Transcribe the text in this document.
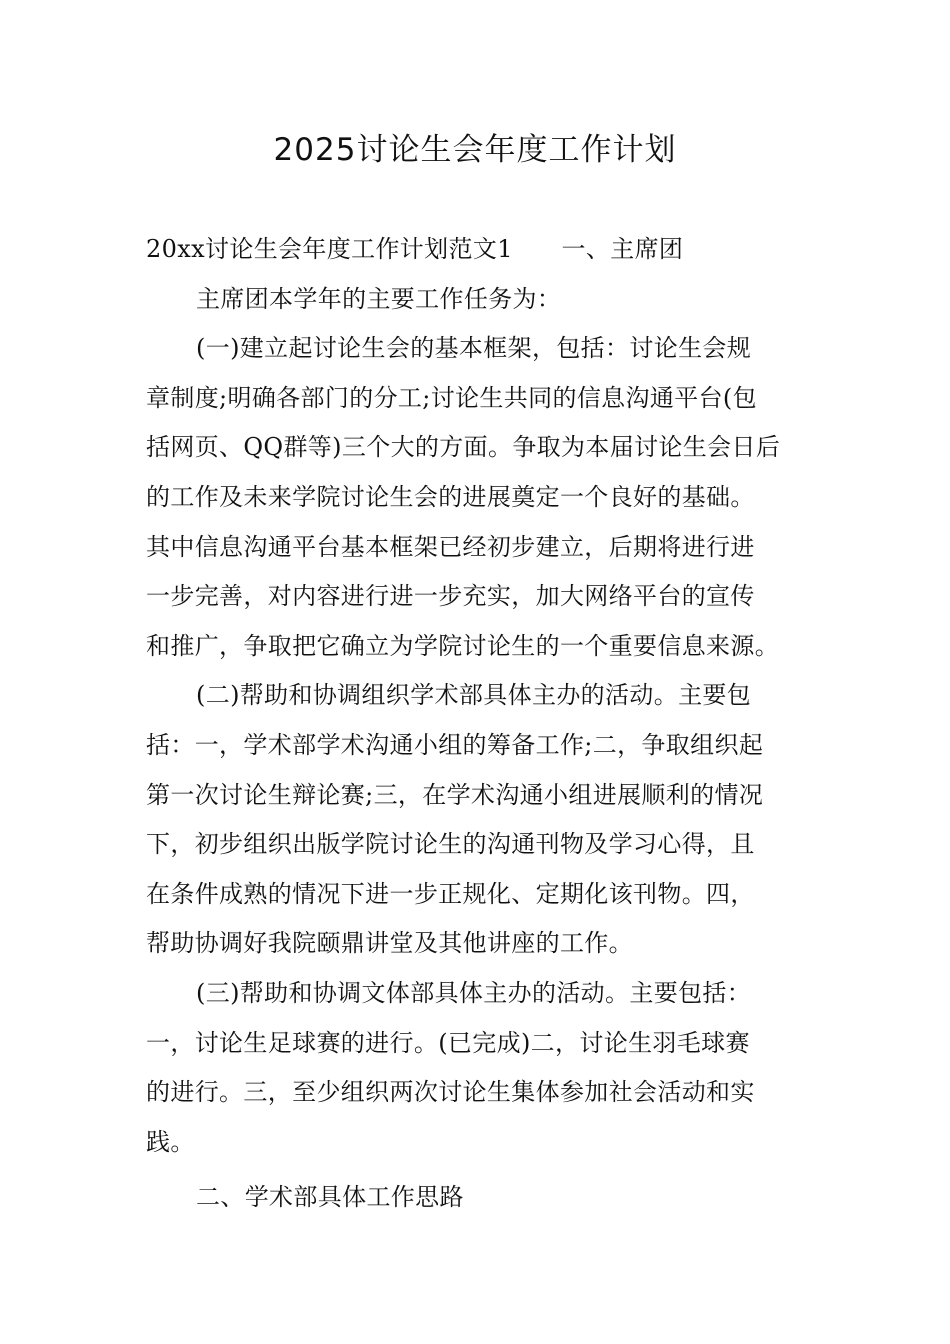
2025讨论生会年度工作计划
20xx讨论生会年度工作计划范文1　　一、主席团
主席团本学年的主要工作任务为：
(一)建立起讨论生会的基本框架，包括：讨论生会规
章制度;明确各部门的分工;讨论生共同的信息沟通平台(包
括网页、QQ群等)三个大的方面。争取为本届讨论生会日后
的工作及未来学院讨论生会的进展奠定一个良好的基础。
其中信息沟通平台基本框架已经初步建立，后期将进行进
一步完善，对内容进行进一步充实，加大网络平台的宣传
和推广，争取把它确立为学院讨论生的一个重要信息来源。
(二)帮助和协调组织学术部具体主办的活动。主要包
括：一，学术部学术沟通小组的筹备工作;二，争取组织起
第一次讨论生辩论赛;三，在学术沟通小组进展顺利的情况
下，初步组织出版学院讨论生的沟通刊物及学习心得，且
在条件成熟的情况下进一步正规化、定期化该刊物。四，
帮助协调好我院颐鼎讲堂及其他讲座的工作。
(三)帮助和协调文体部具体主办的活动。主要包括：
一，讨论生足球赛的进行。(已完成)二，讨论生羽毛球赛
的进行。三，至少组织两次讨论生集体参加社会活动和实
践。
二、学术部具体工作思路
